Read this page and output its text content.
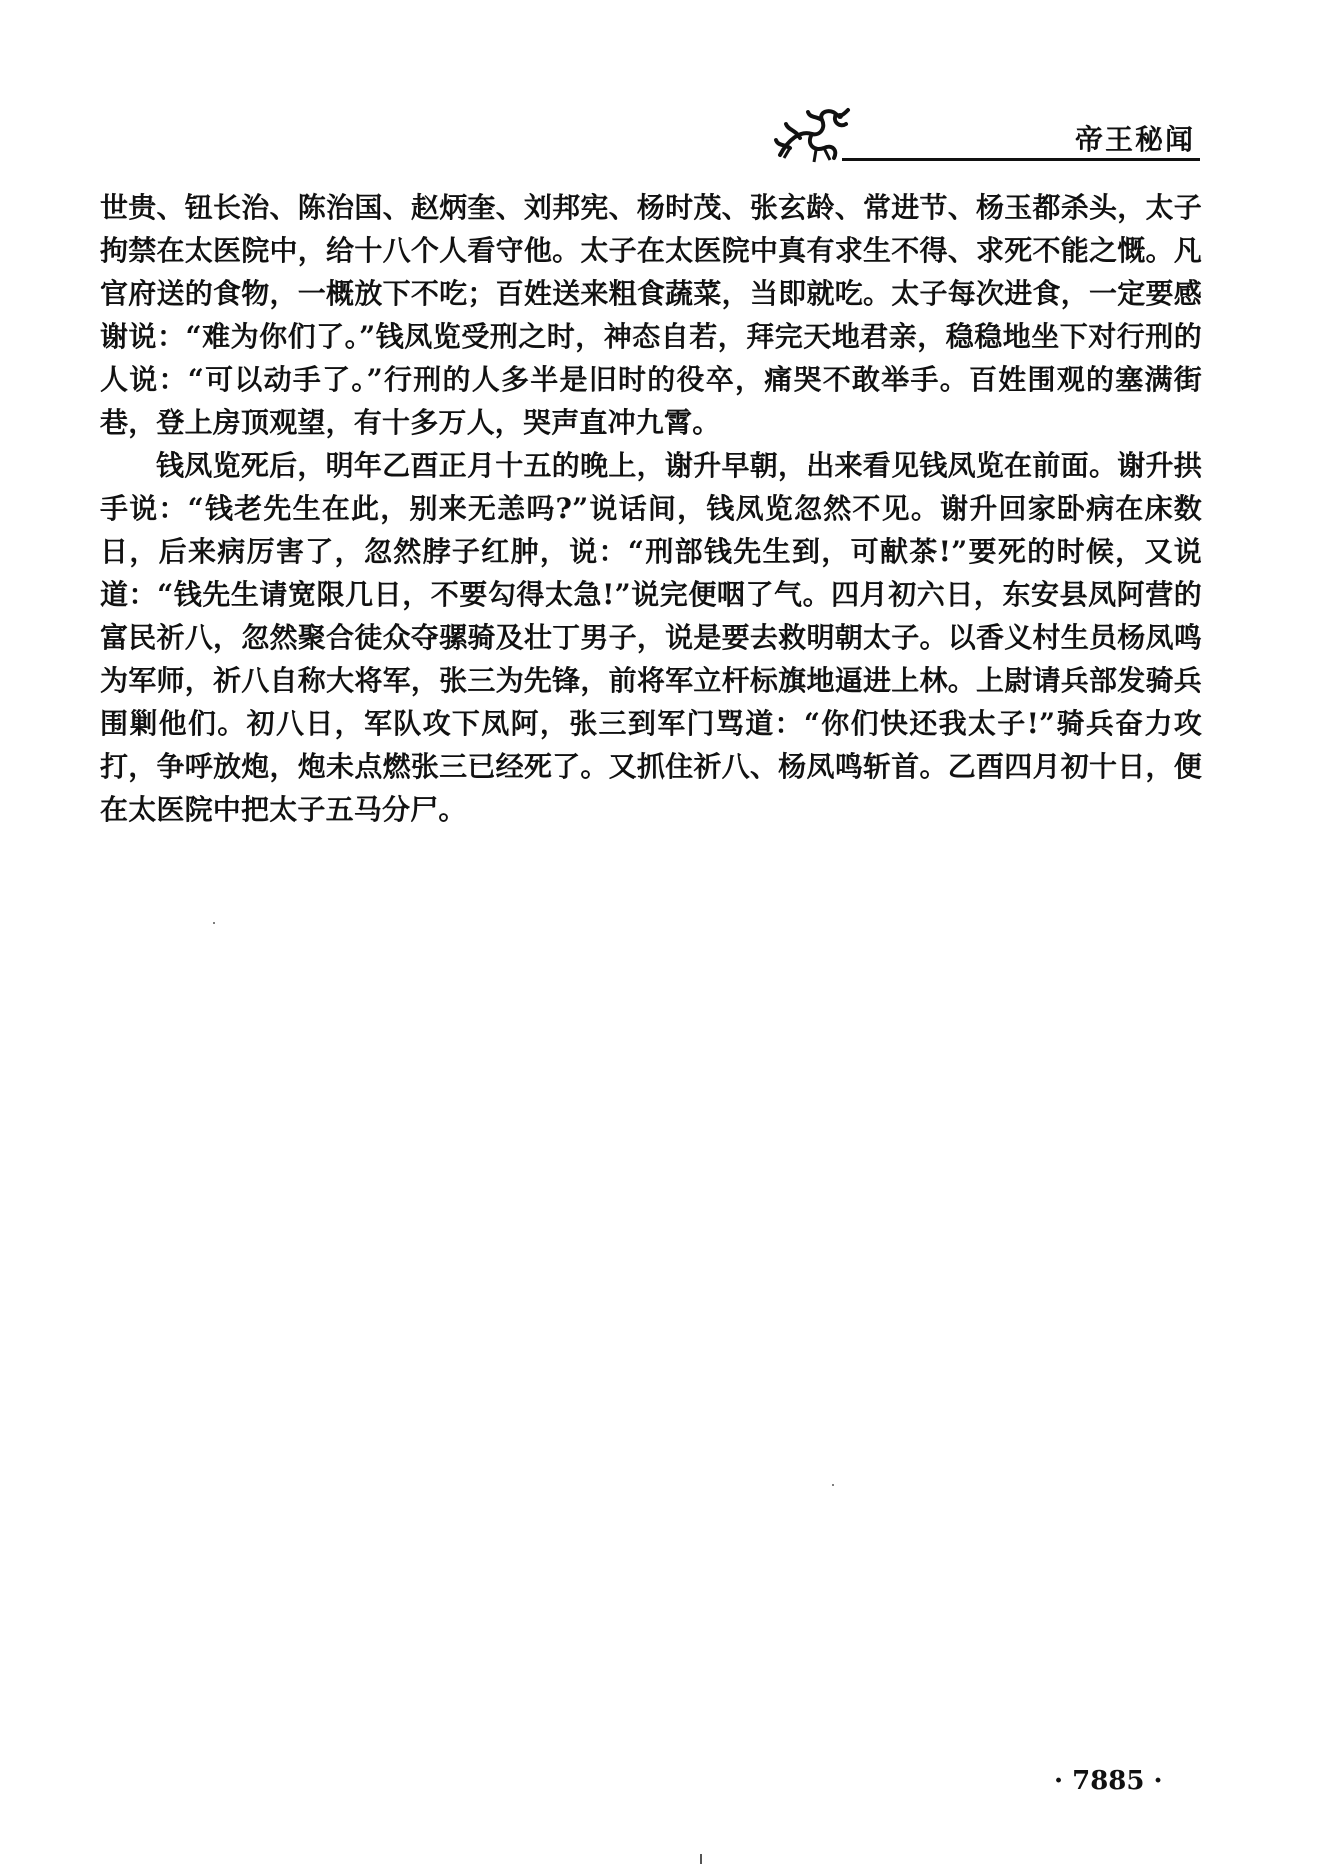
帝王秘闻

世贵、钮长治、陈治国、赵炳奎、刘邦宪、杨时茂、张玄龄、常进节、杨玉都杀头，太子拘禁在太医院中，给十八个人看守他。太子在太医院中真有求生不得、求死不能之慨。凡官府送的食物，一概放下不吃；百姓送来粗食蔬菜，当即就吃。太子每次进食，一定要感谢说：“难为你们了。”钱凤览受刑之时，神态自若，拜完天地君亲，稳稳地坐下对行刑的人说：“可以动手了。”行刑的人多半是旧时的役卒，痛哭不敢举手。百姓围观的塞满街巷，登上房顶观望，有十多万人，哭声直冲九霄。

钱凤览死后，明年乙酉正月十五的晚上，谢升早朝，出来看见钱凤览在前面。谢升拱手说：“钱老先生在此，别来无恙吗?”说话间，钱凤览忽然不见。谢升回家卧病在床数日，后来病厉害了，忽然脖子红肿，说：“刑部钱先生到，可献茶!”要死的时候，又说道：“钱先生请宽限几日，不要勾得太急!”说完便咽了气。四月初六日，东安县凤阿营的富民祈八，忽然聚合徒众夺骡骑及壮丁男子，说是要去救明朝太子。以香义村生员杨凤鸣为军师，祈八自称大将军，张三为先锋，前将军立杆标旗地逼进上林。上尉请兵部发骑兵围剿他们。初八日，军队攻下凤阿，张三到军门骂道：“你们快还我太子!”骑兵奋力攻打，争呼放炮，炮未点燃张三已经死了。又抓住祈八、杨凤鸣斩首。乙酉四月初十日，便在太医院中把太子五马分尸。

· 7885 ·
